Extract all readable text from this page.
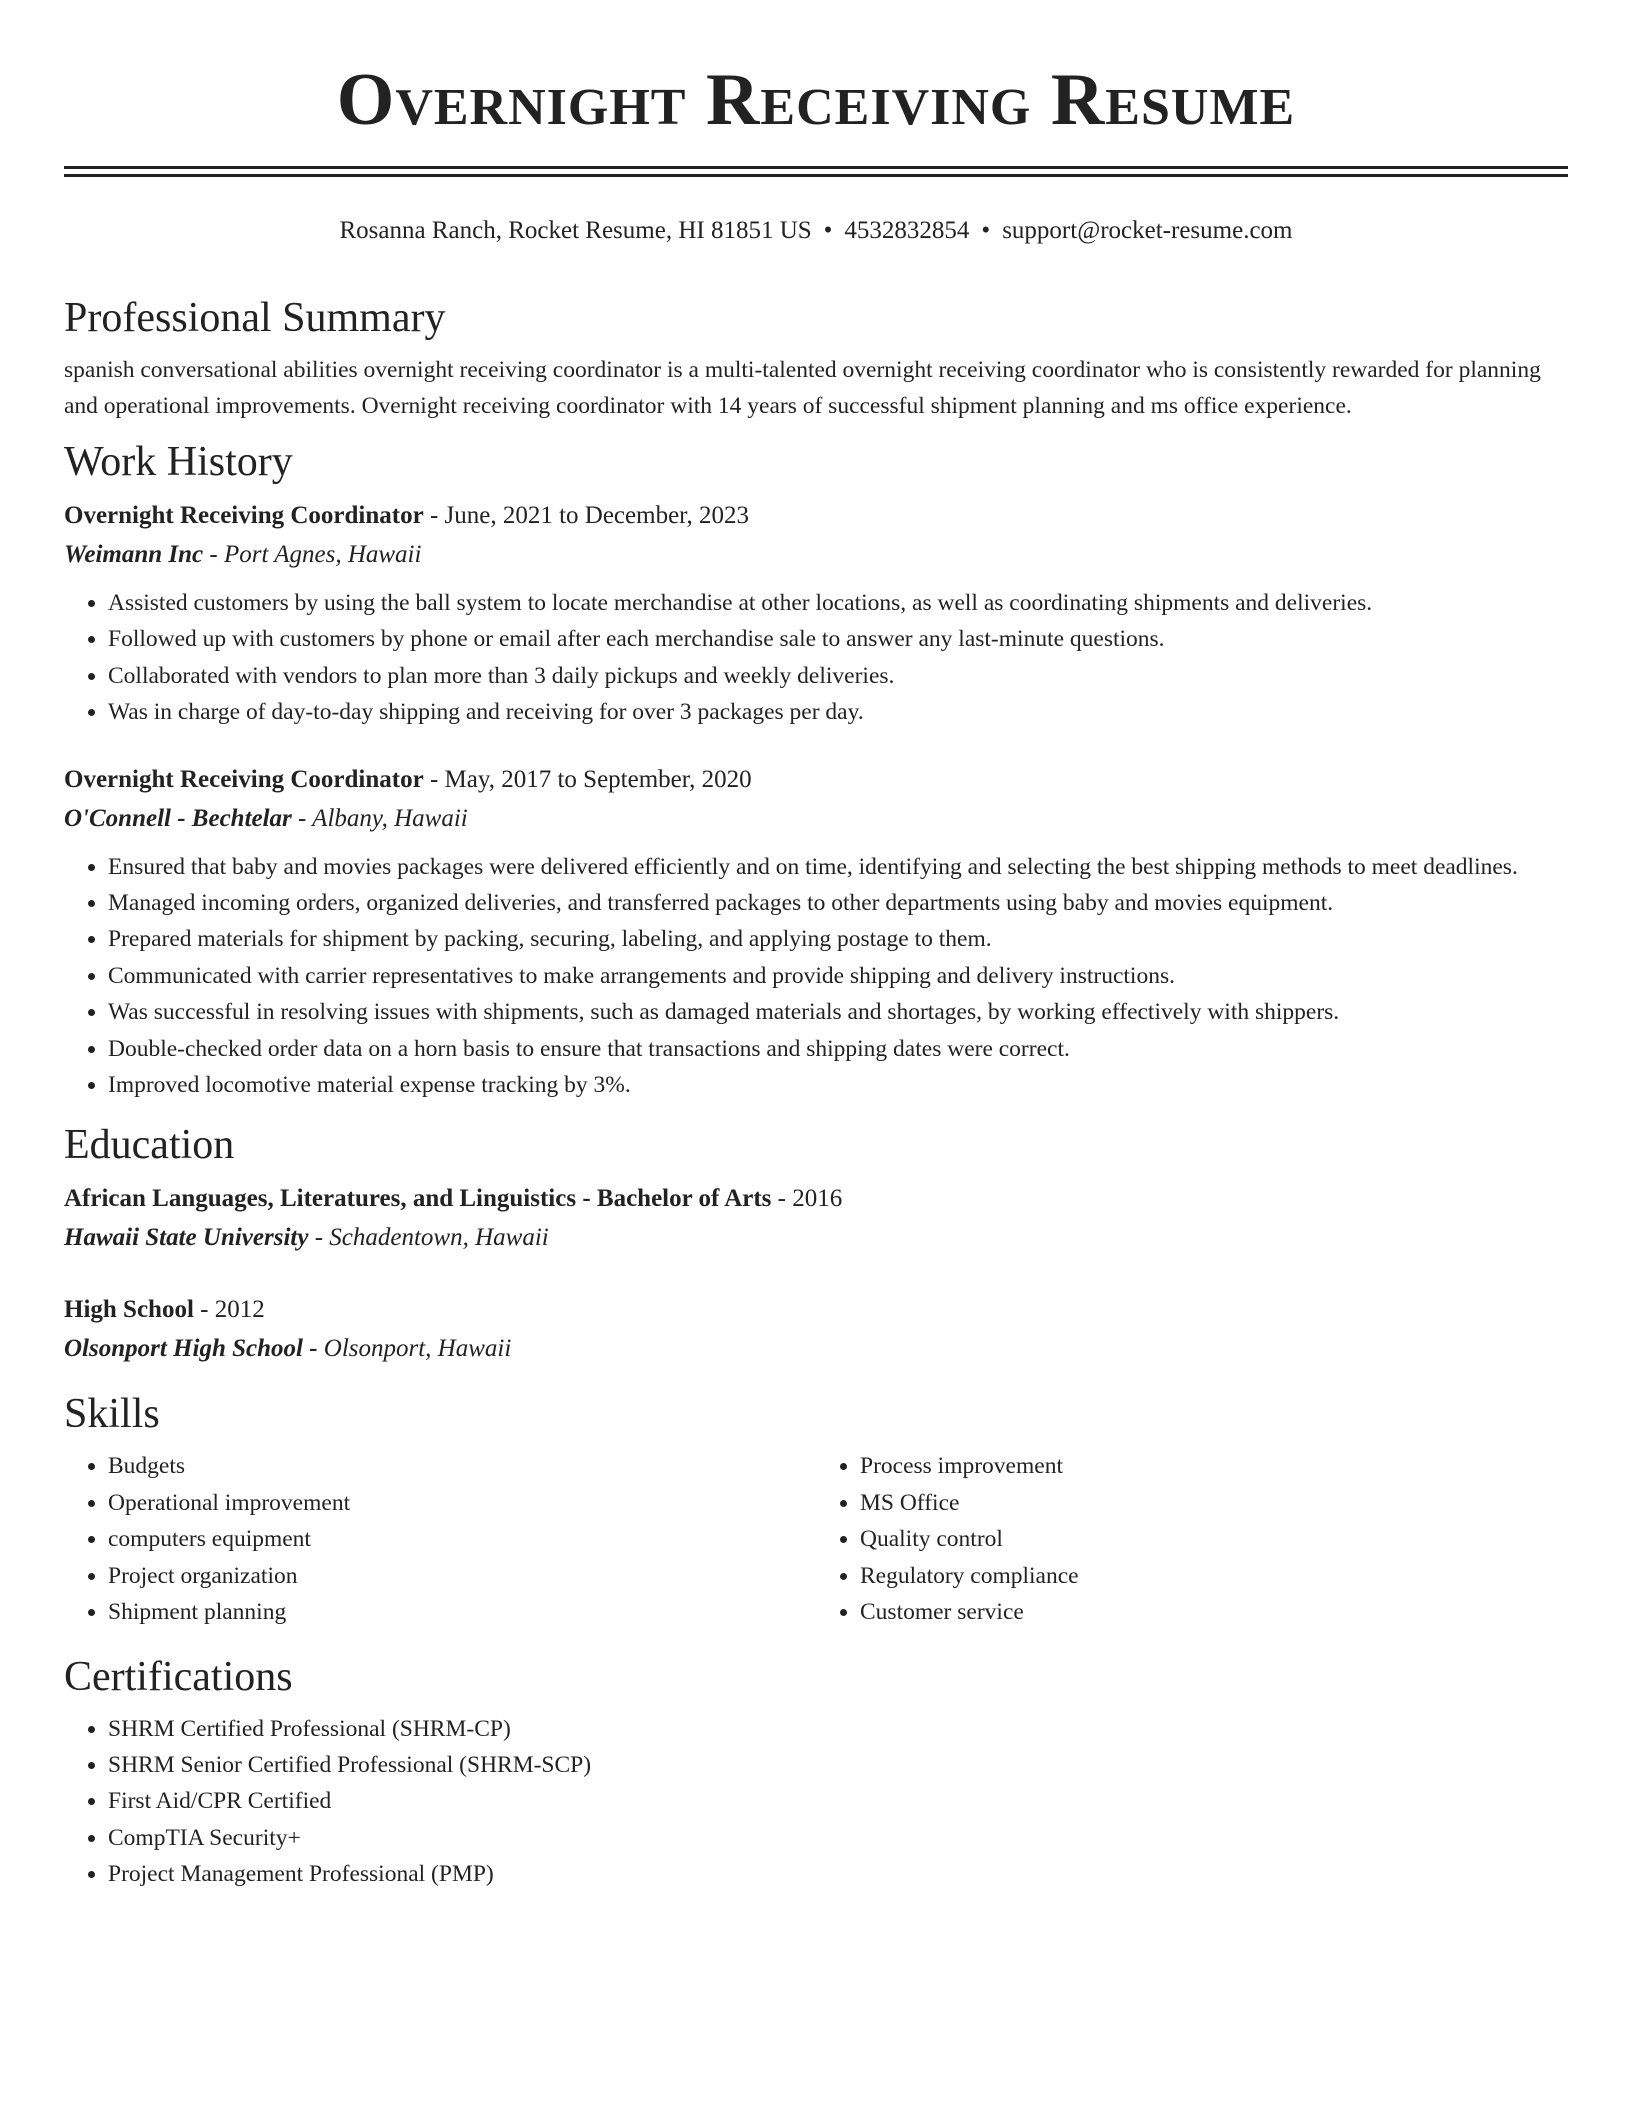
Overnight Receiving Resume
Rosanna Ranch, Rocket Resume, HI 81851 US • 4532832854 • support@rocket-resume.com
Professional Summary

spanish conversational abilities overnight receiving coordinator is a multi-talented overnight receiving coordinator who is consistently rewarded for planning and operational improvements. Overnight receiving coordinator with 14 years of successful shipment planning and ms office experience.

Work History
Overnight Receiving Coordinator - June, 2021 to December, 2023
Weimann Inc - Port Agnes, Hawaii
• Assisted customers by using the ball system to locate merchandise at other locations, as well as coordinating shipments and deliveries.
• Followed up with customers by phone or email after each merchandise sale to answer any last-minute questions.
• Collaborated with vendors to plan more than 3 daily pickups and weekly deliveries.
• Was in charge of day-to-day shipping and receiving for over 3 packages per day.
Overnight Receiving Coordinator - May, 2017 to September, 2020
O'Connell - Bechtelar - Albany, Hawaii
• Ensured that baby and movies packages were delivered efficiently and on time, identifying and selecting the best shipping methods to meet deadlines.
• Managed incoming orders, organized deliveries, and transferred packages to other departments using baby and movies equipment.
• Prepared materials for shipment by packing, securing, labeling, and applying postage to them.
• Communicated with carrier representatives to make arrangements and provide shipping and delivery instructions.
• Was successful in resolving issues with shipments, such as damaged materials and shortages, by working effectively with shippers.
• Double-checked order data on a horn basis to ensure that transactions and shipping dates were correct.
• Improved locomotive material expense tracking by 3%.
Education
African Languages, Literatures, and Linguistics - Bachelor of Arts - 2016
Hawaii State University - Schadentown, Hawaii
High School - 2012
Olsonport High School - Olsonport, Hawaii
Skills
• Budgets
• Operational improvement
• computers equipment
• Project organization
• Shipment planning
• Process improvement
• MS Office
• Quality control
• Regulatory compliance
• Customer service
Certifications
• SHRM Certified Professional (SHRM-CP)
• SHRM Senior Certified Professional (SHRM-SCP)
• First Aid/CPR Certified
• CompTIA Security+
• Project Management Professional (PMP)
